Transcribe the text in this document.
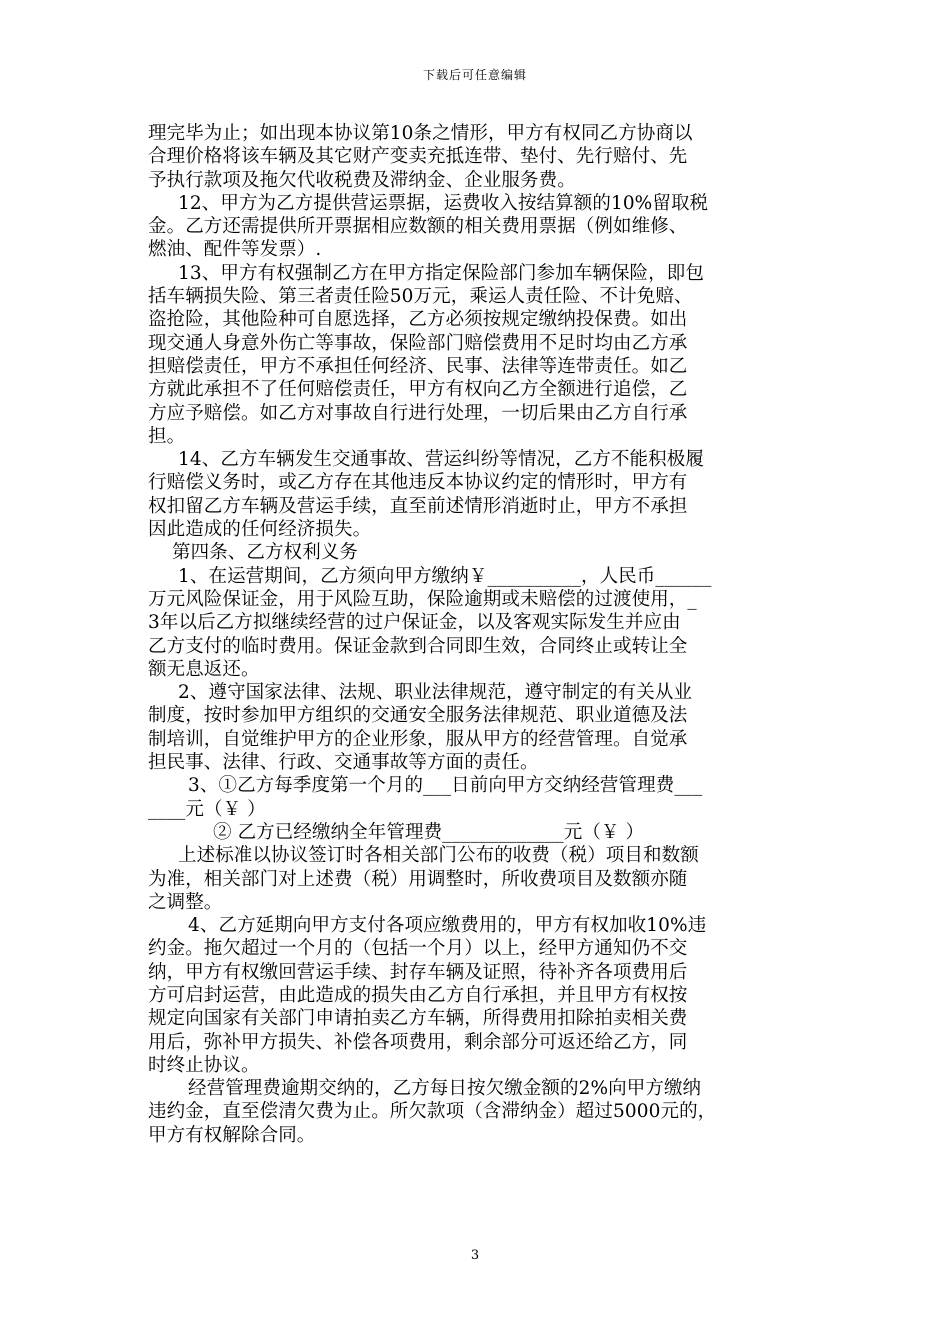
下载后可任意编辑
理完毕为止；如出现本协议第10条之情形，甲方有权同乙方协商以
合理价格将该车辆及其它财产变卖充抵连带、垫付、先行赔付、先
予执行款项及拖欠代收税费及滞纳金、企业服务费。
12、甲方为乙方提供营运票据，运费收入按结算额的10%留取税
金。乙方还需提供所开票据相应数额的相关费用票据（例如维修、
燃油、配件等发票）.
13、甲方有权强制乙方在甲方指定保险部门参加车辆保险，即包
括车辆损失险、第三者责任险50万元，乘运人责任险、不计免赔、
盗抢险，其他险种可自愿选择，乙方必须按规定缴纳投保费。如出
现交通人身意外伤亡等事故，保险部门赔偿费用不足时均由乙方承
担赔偿责任，甲方不承担任何经济、民事、法律等连带责任。如乙
方就此承担不了任何赔偿责任，甲方有权向乙方全额进行追偿，乙
方应予赔偿。如乙方对事故自行进行处理，一切后果由乙方自行承
担。
14、乙方车辆发生交通事故、营运纠纷等情况，乙方不能积极履
行赔偿义务时，或乙方存在其他违反本协议约定的情形时，甲方有
权扣留乙方车辆及营运手续，直至前述情形消逝时止，甲方不承担
因此造成的任何经济损失。
第四条、乙方权利义务
1、在运营期间，乙方须向甲方缴纳￥__________，人民币______
万元风险保证金，用于风险互助，保险逾期或未赔偿的过渡使用，_
3年以后乙方拟继续经营的过户保证金，以及客观实际发生并应由
乙方支付的临时费用。保证金款到合同即生效，合同终止或转让全
额无息返还。
2、遵守国家法律、法规、职业法律规范，遵守制定的有关从业
制度，按时参加甲方组织的交通安全服务法律规范、职业道德及法
制培训，自觉维护甲方的企业形象，服从甲方的经营管理。自觉承
担民事、法律、行政、交通事故等方面的责任。
3、①乙方每季度第一个月的___日前向甲方交纳经营管理费___
____元（￥ ）
② 乙方已经缴纳全年管理费_____________元（￥ ）
上述标准以协议签订时各相关部门公布的收费（税）项目和数额
为准，相关部门对上述费（税）用调整时，所收费项目及数额亦随
之调整。
4、乙方延期向甲方支付各项应缴费用的，甲方有权加收10%违
约金。拖欠超过一个月的（包括一个月）以上，经甲方通知仍不交
纳，甲方有权缴回营运手续、封存车辆及证照，待补齐各项费用后
方可启封运营，由此造成的损失由乙方自行承担，并且甲方有权按
规定向国家有关部门申请拍卖乙方车辆，所得费用扣除拍卖相关费
用后，弥补甲方损失、补偿各项费用，剩余部分可返还给乙方，同
时终止协议。
经营管理费逾期交纳的，乙方每日按欠缴金额的2%向甲方缴纳
违约金，直至偿清欠费为止。所欠款项（含滞纳金）超过5000元的，
甲方有权解除合同。
3
